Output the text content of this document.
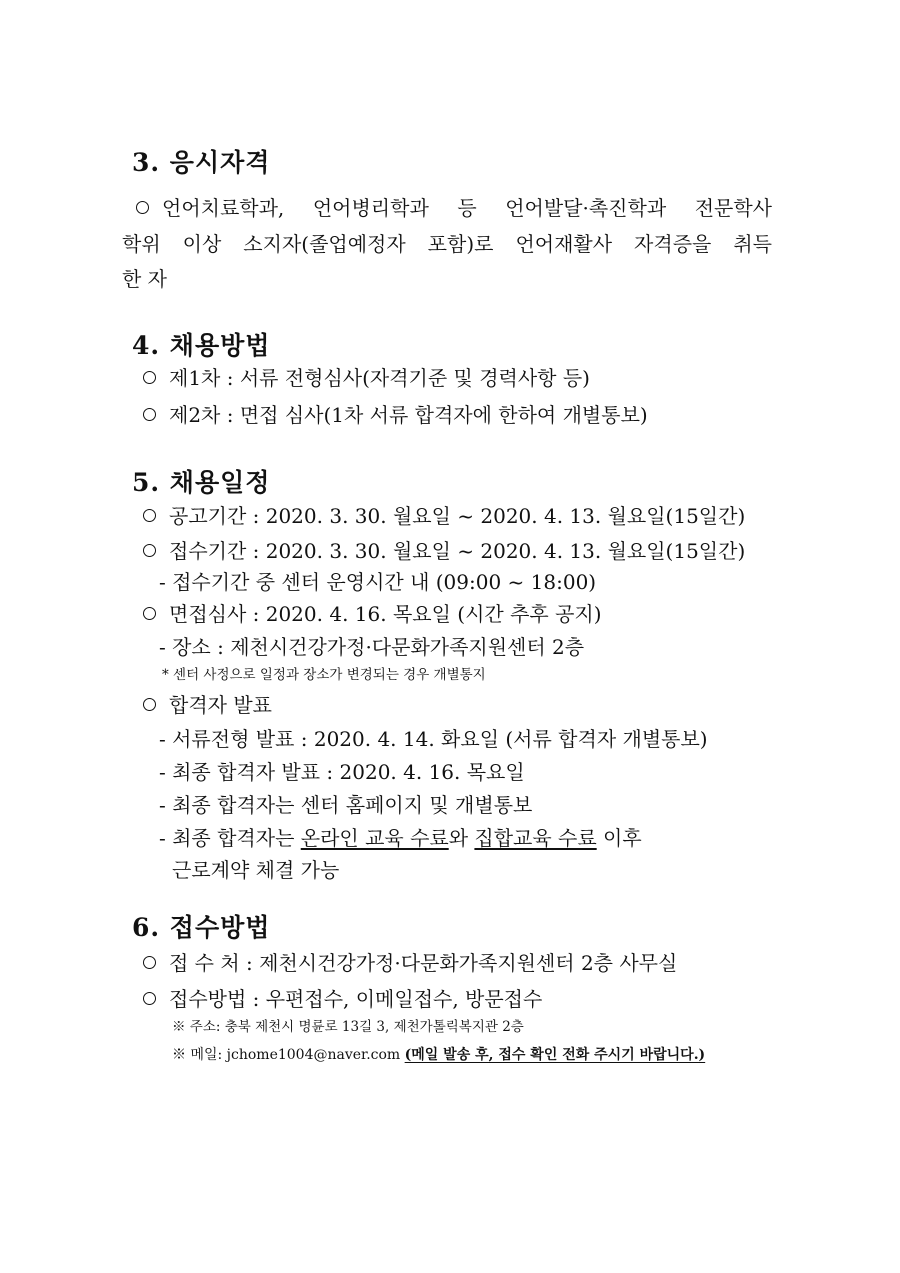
3. 응시자격
언어치료학과, 언어병리학과 등 언어발달·촉진학과 전문학사
학위 이상 소지자(졸업예정자 포함)로 언어재활사 자격증을 취득
한 자
4. 채용방법
제1차 : 서류 전형심사(자격기준 및 경력사항 등)
제2차 : 면접 심사(1차 서류 합격자에 한하여 개별통보)
5. 채용일정
공고기간 : 2020. 3. 30. 월요일 ~ 2020. 4. 13. 월요일(15일간)
접수기간 : 2020. 3. 30. 월요일 ~ 2020. 4. 13. 월요일(15일간)
- 접수기간 중 센터 운영시간 내 (09:00 ~ 18:00)
면접심사 : 2020. 4. 16. 목요일 (시간 추후 공지)
- 장소 : 제천시건강가정·다문화가족지원센터 2층
* 센터 사정으로 일정과 장소가 변경되는 경우 개별통지
합격자 발표
- 서류전형 발표 : 2020. 4. 14. 화요일 (서류 합격자 개별통보)
- 최종 합격자 발표 : 2020. 4. 16. 목요일
- 최종 합격자는 센터 홈페이지 및 개별통보
- 최종 합격자는 온라인 교육 수료와 집합교육 수료 이후
근로계약 체결 가능
6. 접수방법
접 수 처 : 제천시건강가정·다문화가족지원센터 2층 사무실
접수방법 : 우편접수, 이메일접수, 방문접수
※ 주소: 충북 제천시 명륜로 13길 3, 제천가톨릭복지관 2층
※ 메일: jchome1004@naver.com (메일 발송 후, 접수 확인 전화 주시기 바랍니다.)
